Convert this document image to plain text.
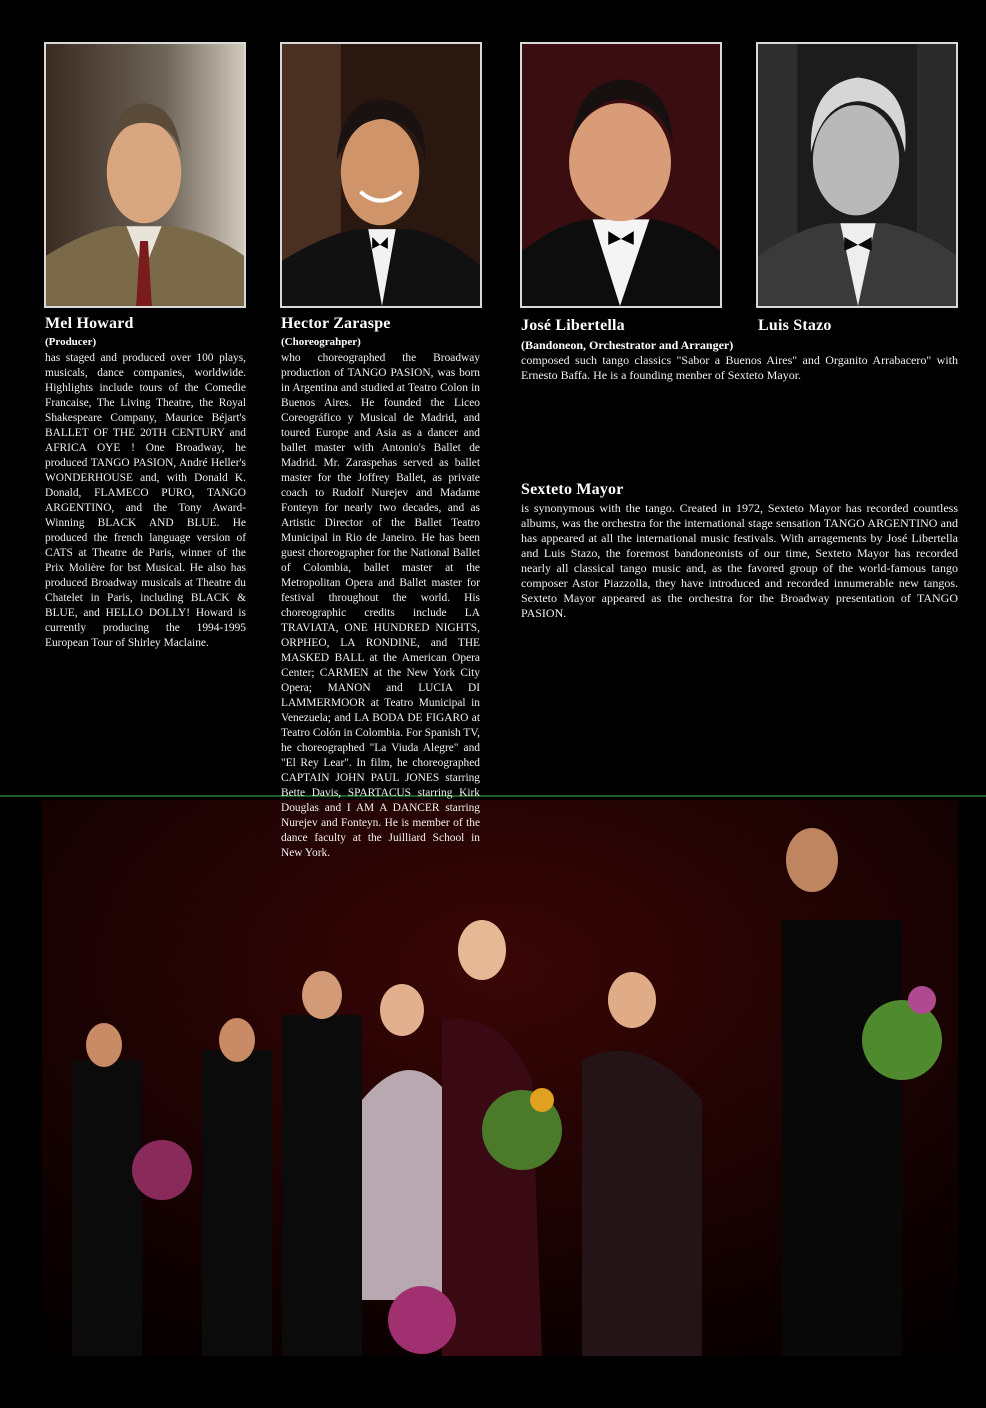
Mel Howard
(Producer)
has staged and produced over 100 plays, musicals, dance companies, worldwide. Highlights include tours of the Comedie Francaise, The Living Theatre, the Royal Shakespeare Company, Maurice Béjart's BALLET OF THE 20TH CENTURY and AFRICA OYE ! One Broadway, he produced TANGO PASION, André Heller's WONDERHOUSE and, with Donald K. Donald, FLAMECO PURO, TANGO ARGENTINO, and the Tony Award-Winning BLACK AND BLUE. He produced the french language version of CATS at Theatre de Paris, winner of the Prix Molière for bst Musical. He also has produced Broadway musicals at Theatre du Chatelet in Paris, including BLACK & BLUE, and HELLO DOLLY! Howard is currently producing the 1994-1995 European Tour of Shirley Maclaine.
Hector Zaraspe
(Choreograhper)
who choreographed the Broadway production of TANGO PASION, was born in Argentina and studied at Teatro Colon in Buenos Aires. He founded the Liceo Coreográfico y Musical de Madrid, and toured Europe and Asia as a dancer and ballet master with Antonio's Ballet de Madrid. Mr. Zaraspehas served as ballet master for the Joffrey Ballet, as private coach to Rudolf Nurejev and Madame Fonteyn for nearly two decades, and as Artistic Director of the Ballet Teatro Municipal in Rio de Janeiro. He has been guest choreographer for the National Ballet of Colombia, ballet master at the Metropolitan Opera and Ballet master for festival throughout the world. His choreographic credits include LA TRAVIATA, ONE HUNDRED NIGHTS, ORPHEO, LA RONDINE, and THE MASKED BALL at the American Opera Center; CARMEN at the New York City Opera; MANON and LUCIA DI LAMMERMOOR at Teatro Municipal in Venezuela; and LA BODA DE FIGARO at Teatro Colón in Colombia. For Spanish TV, he choreographed "La Viuda Alegre" and "El Rey Lear". In film, he choreographed CAPTAIN JOHN PAUL JONES starring Bette Davis, SPARTACUS starring Kirk Douglas and I AM A DANCER starring Nurejev and Fonteyn. He is member of the dance faculty at the Juilliard School in New York.
José Libertella	Luis Stazo
(Bandoneon, Orchestrator and Arranger)
composed such tango classics "Sabor a Buenos Aires" and Organito Arrabacero" with Ernesto Baffa. He is a founding menber of Sexteto Mayor.
Sexteto Mayor
is synonymous with the tango. Created in 1972, Sexteto Mayor has recorded countless albums, was the orchestra for the international stage sensation TANGO ARGENTINO and has appeared at all the international music festivals. With arragements by José Libertella and Luis Stazo, the foremost bandoneonists of our time, Sexteto Mayor has recorded nearly all classical tango music and, as the favored group of the world-famous tango composer Astor Piazzolla, they have introduced and recorded innumerable new tangos. Sexteto Mayor appeared as the orchestra for the Broadway presentation of TANGO PASION.
